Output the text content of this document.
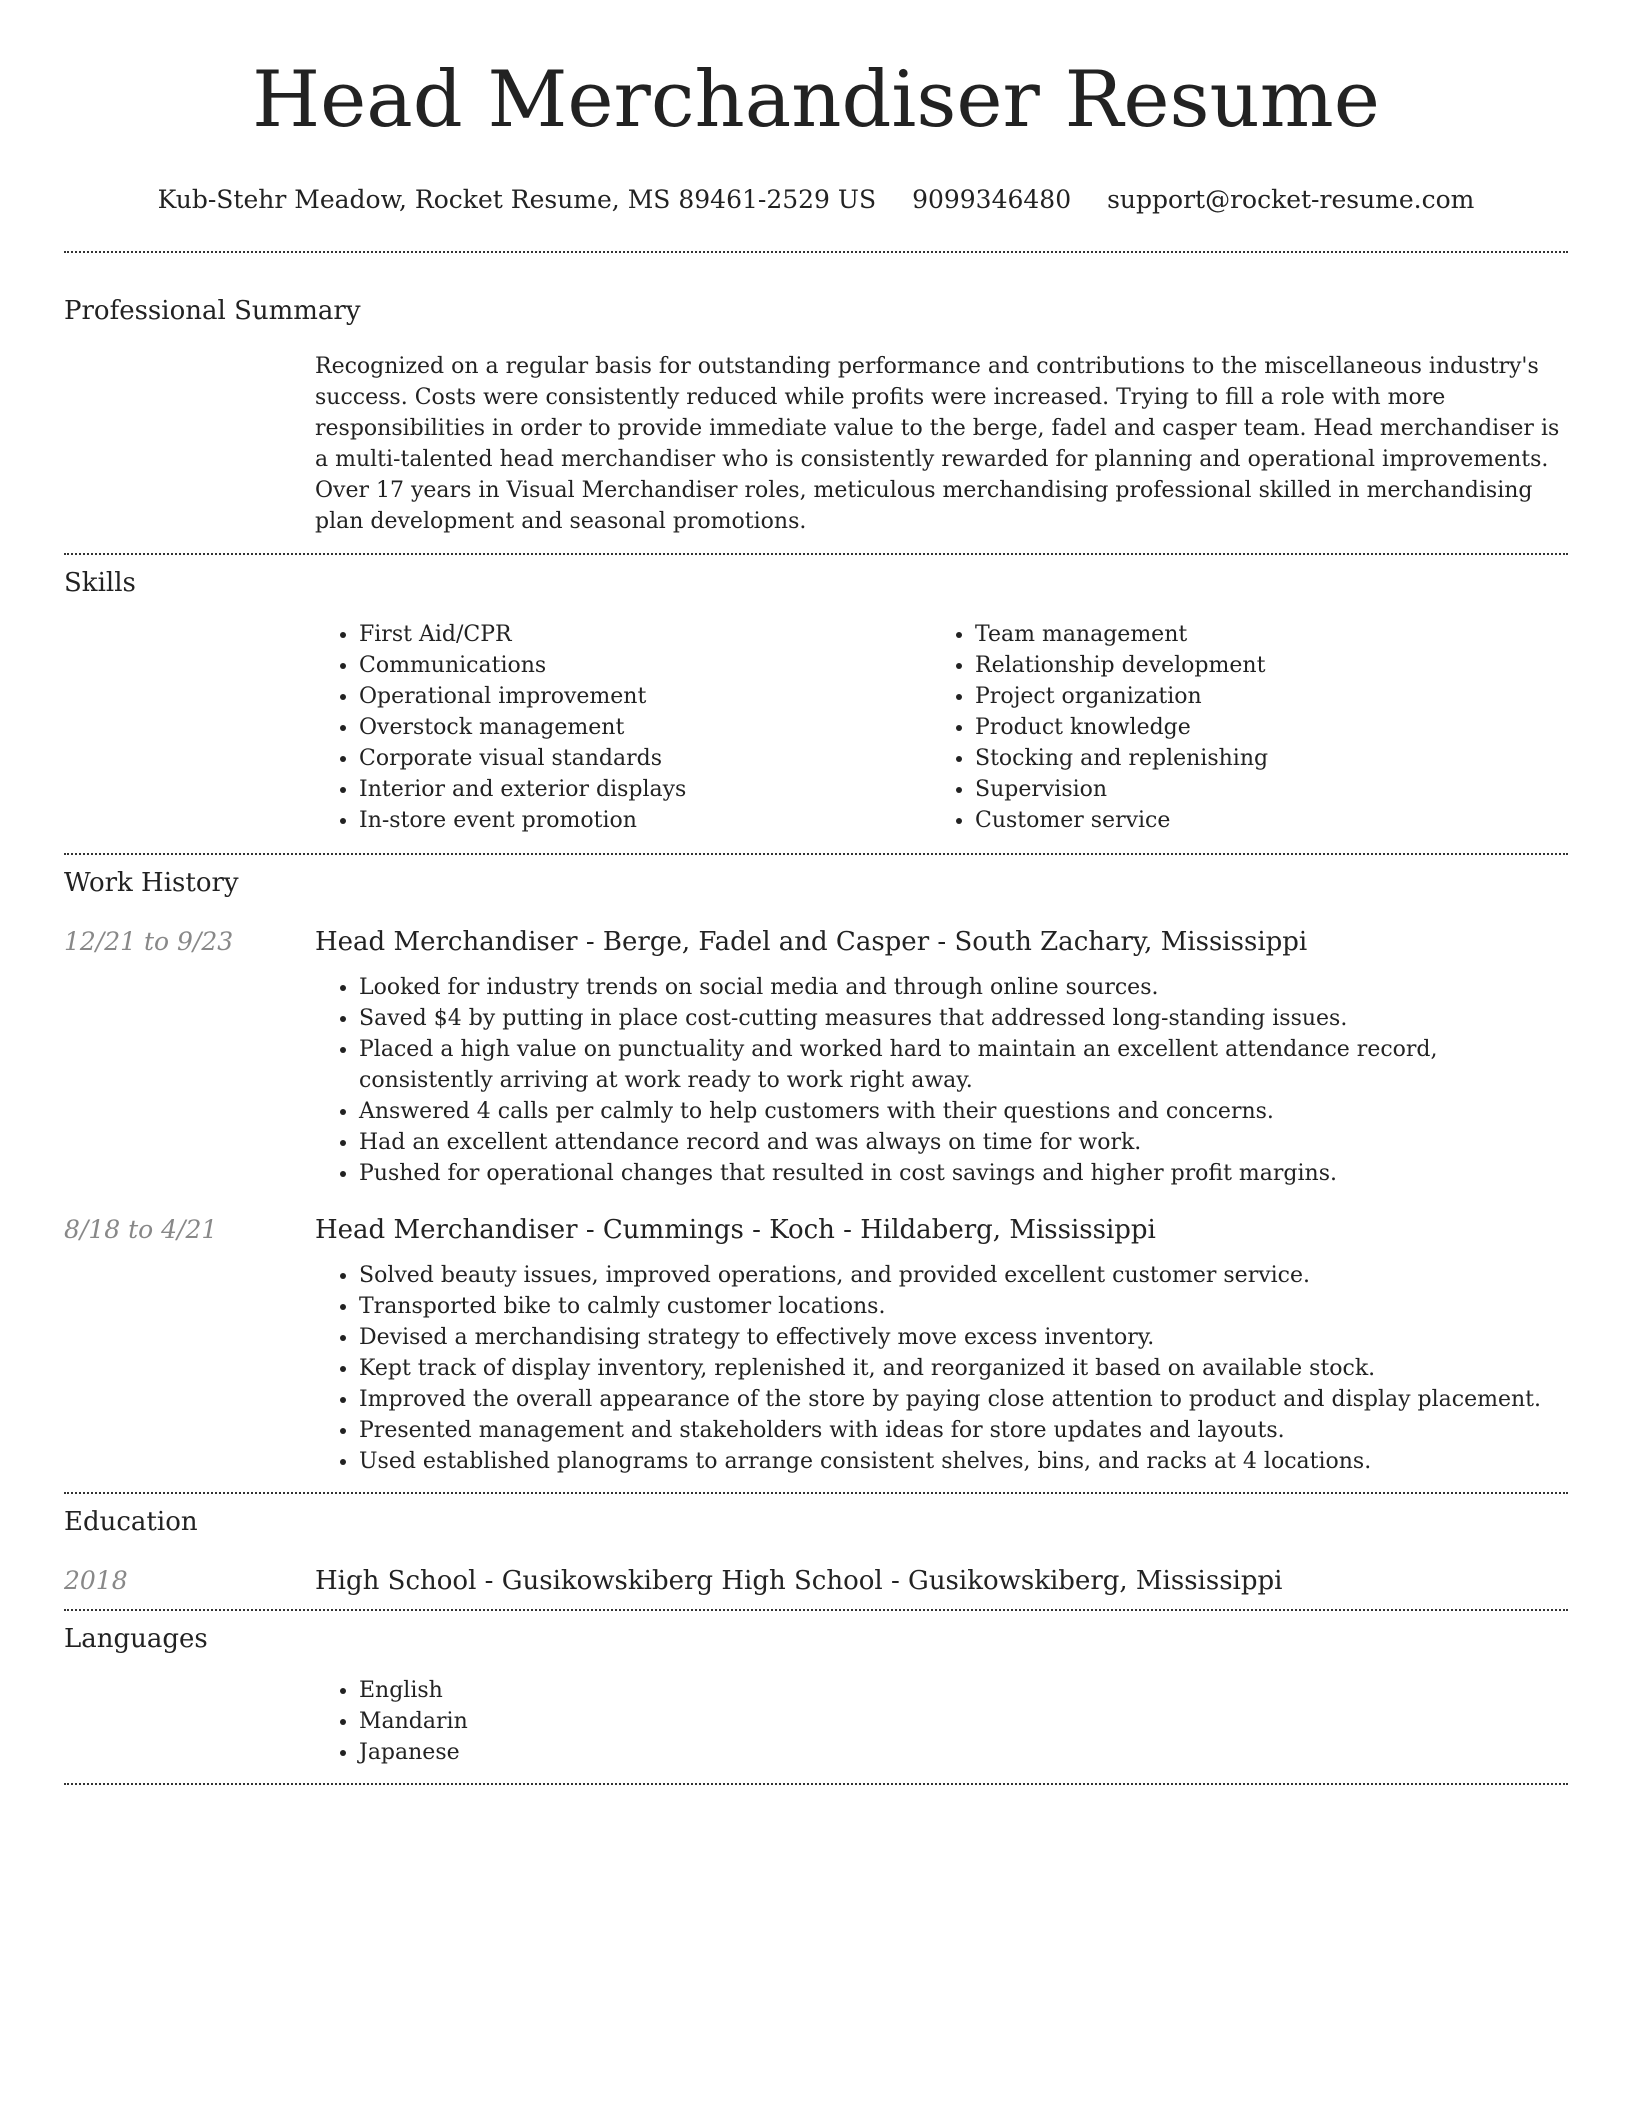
Head Merchandiser Resume
Kub-Stehr Meadow, Rocket Resume, MS 89461-2529 US 9099346480 support@rocket-resume.com
Professional Summary

Recognized on a regular basis for outstanding performance and contributions to the miscellaneous industry's success. Costs were consistently reduced while profits were increased. Trying to fill a role with more responsibilities in order to provide immediate value to the berge, fadel and casper team. Head merchandiser is a multi-talented head merchandiser who is consistently rewarded for planning and operational improvements. Over 17 years in Visual Merchandiser roles, meticulous merchandising professional skilled in merchandising plan development and seasonal promotions.

Skills
• First Aid/CPR
• Communications
• Operational improvement
• Overstock management
• Corporate visual standards
• Interior and exterior displays
• In-store event promotion
• Team management
• Relationship development
• Project organization
• Product knowledge
• Stocking and replenishing
• Supervision
• Customer service
Work History
12/21 to 9/23	Head Merchandiser - Berge, Fadel and Casper - South Zachary, Mississippi
• Looked for industry trends on social media and through online sources.
• Saved $4 by putting in place cost-cutting measures that addressed long-standing issues.
• Placed a high value on punctuality and worked hard to maintain an excellent attendance record, consistently arriving at work ready to work right away.
• Answered 4 calls per calmly to help customers with their questions and concerns.
• Had an excellent attendance record and was always on time for work.
• Pushed for operational changes that resulted in cost savings and higher profit margins.
8/18 to 4/21	Head Merchandiser - Cummings - Koch - Hildaberg, Mississippi
• Solved beauty issues, improved operations, and provided excellent customer service.
• Transported bike to calmly customer locations.
• Devised a merchandising strategy to effectively move excess inventory.
• Kept track of display inventory, replenished it, and reorganized it based on available stock.
• Improved the overall appearance of the store by paying close attention to product and display placement.
• Presented management and stakeholders with ideas for store updates and layouts.
• Used established planograms to arrange consistent shelves, bins, and racks at 4 locations.
Education
2018	High School - Gusikowskiberg High School - Gusikowskiberg, Mississippi
Languages
• English
• Mandarin
• Japanese
